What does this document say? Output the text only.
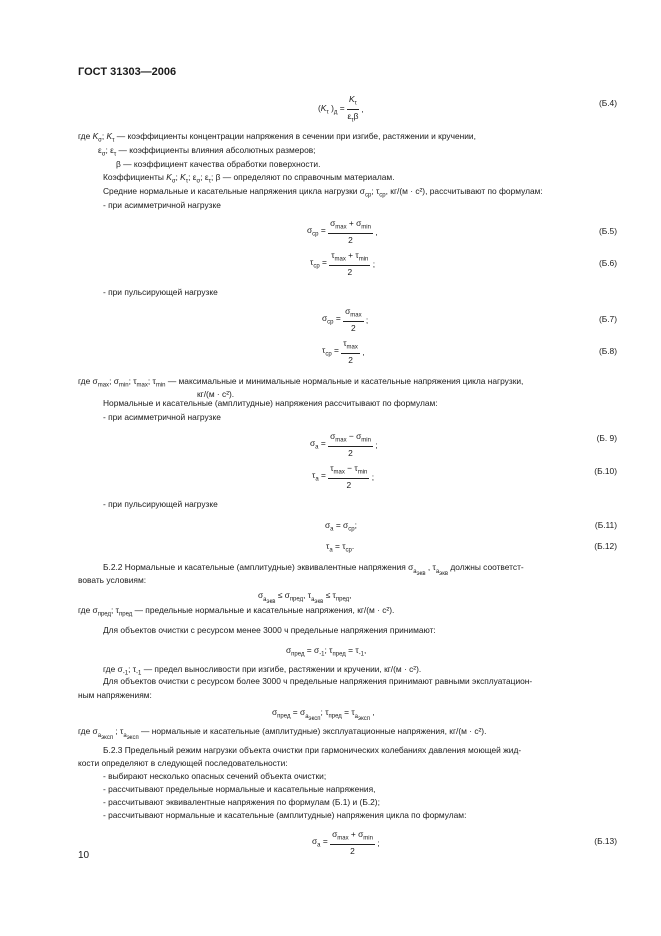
ГОСТ 31303—2006
($K_\tau$ )$_д = \frac{K_\tau}{\varepsilon_\tau\beta}$ ,
(Б.4)
где $K_\sigma$; $K_\tau$ — коэффициенты концентрации напряжения в сечении при изгибе, растяжении и кручении,
$\varepsilon_\sigma$; $\varepsilon_\tau$ — коэффициенты влияния абсолютных размеров;
β — коэффициент качества обработки поверхности.
Коэффициенты $K_\sigma$; $K_\tau$; $\varepsilon_\sigma$; $\varepsilon_\tau$; β — определяют по справочным материалам.
Средние нормальные и касательные напряжения цикла нагрузки $\sigma_{ср}$; $\tau_{ср}$, кг/(м · с²), рассчитывают по формулам:
- при асимметричной нагрузке
$\sigma_{ср} = \frac{\sigma_{max} + \sigma_{min}}{2}$ ,	(Б.5)
$\tau_{ср} = \frac{\tau_{max} + \tau_{min}}{2}$ ;	(Б.6)
- при пульсирующей нагрузке
$\sigma_{ср} = \frac{\sigma_{max}}{2}$ ;	(Б.7)
$\tau_{ср} = \frac{\tau_{max}}{2}$ ,	(Б.8)
где $\sigma_{max}$; $\sigma_{min}$; $\tau_{max}$; $\tau_{min}$ — максимальные и минимальные нормальные и касательные напряжения цикла нагрузки,
кг/(м · с²).
Нормальные и касательные (амплитудные) напряжения рассчитывают по формулам:
- при асимметричной нагрузке
$\sigma_a = \frac{\sigma_{max} - \sigma_{min}}{2}$ ;
(Б. 9)
$\tau_a = \frac{\tau_{max} - \tau_{min}}{2}$ ;
(Б.10)
- при пульсирующей нагрузке
$\sigma_a = \sigma_{ср}$;	(Б.11)
$\tau_a = \tau_{ср}$.	(Б.12)
Б.2.2 Нормальные и касательные (амплитудные) эквивалентные напряжения $\sigma_{a_{экв}}$ , $\tau_{a_{экв}}$ должны соответст-
вовать условиям:
$\sigma_{a_{экв}} \le \sigma_{пред}$, $\tau_{a_{экв}} \le \tau_{пред}$,
где $\sigma_{пред}$; $\tau_{пред}$ — предельные нормальные и касательные напряжения, кг/(м · с²).
Для объектов очистки с ресурсом менее 3000 ч предельные напряжения принимают:
$\sigma_{пред} = \sigma_{-1}$; $\tau_{пред} = \tau_{-1}$,
где $\sigma_{-1}$; $\tau_{-1}$ — предел выносливости при изгибе, растяжении и кручении, кг/(м · с²).
Для объектов очистки с ресурсом более 3000 ч предельные напряжения принимают равными эксплуатацион-
ным напряжениям:
$\sigma_{пред} = \sigma_{a_{эксп}}$; $\tau_{пред} = \tau_{a_{эксп}}$ ,
где $\sigma_{a_{эксп}}$ ; $\tau_{a_{эксп}}$ — нормальные и касательные (амплитудные) эксплуатационные напряжения, кг/(м · с²).
Б.2.3 Предельный режим нагрузки объекта очистки при гармонических колебаниях давления моющей жид-
кости определяют в следующей последовательности:
- выбирают несколько опасных сечений объекта очистки;
- рассчитывают предельные нормальные и касательные напряжения,
- рассчитывают эквивалентные напряжения по формулам (Б.1) и (Б.2);
- рассчитывают нормальные и касательные (амплитудные) напряжения цикла по формулам:
$\sigma_a = \frac{\sigma_{max} + \sigma_{min}}{2}$ ;	(Б.13)
10
